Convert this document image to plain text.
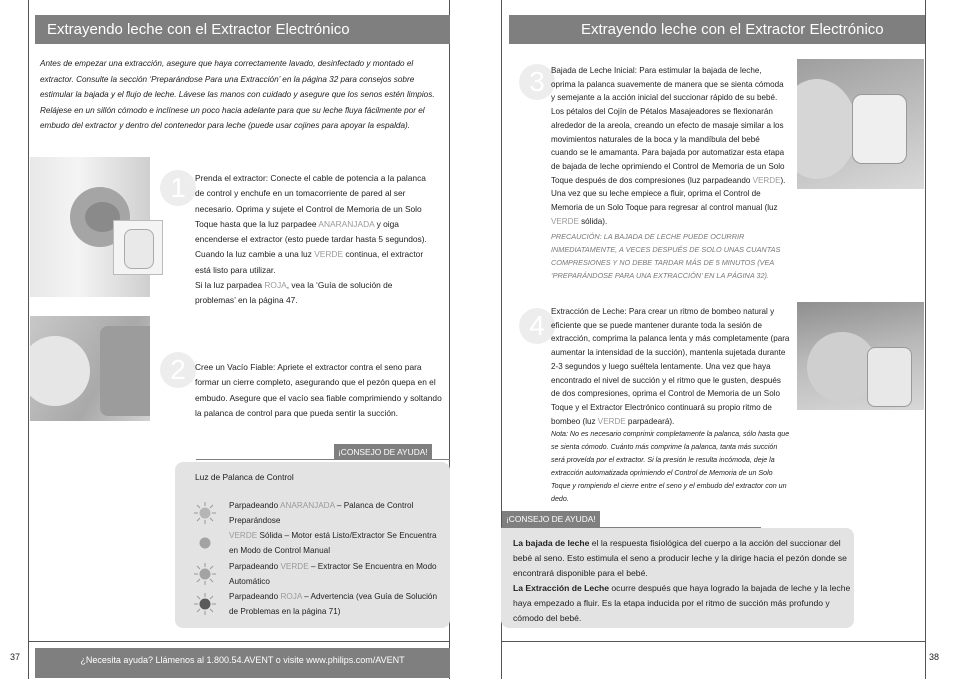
Extrayendo leche con el Extractor Electrónico

Antes de empezar una extracción, asegure que haya correctamente lavado, desinfectado y montado el extractor. Consulte la sección ‘Preparándose Para una Extracción’ en la página 32 para consejos sobre estimular la bajada y el flujo de leche. Lávese las manos con cuidado y asegure que los senos estén limpios. Relájese en un sillón cómodo e inclínese un poco hacia adelante para que su leche fluya fácilmente por el embudo del extractor y dentro del contenedor para leche (puede usar cojines para apoyar la espalda).

1	Prenda el extractor: Conecte el cable de potencia a la palanca de control y enchufe en un tomacorriente de pared al ser necesario. Oprima y sujete el Control de Memoria de un Solo Toque hasta que la luz parpadee ANARANJADA y oiga encenderse el extractor (esto puede tardar hasta 5 segundos). Cuando la luz cambie a una luz VERDE continua, el extractor está listo para utilizar.
Si la luz parpadea ROJA, vea la ‘Guía de solución de problemas’ en la página 47.
2	Cree un Vacío Fiable: Apriete el extractor contra el seno para formar un cierre completo, asegurando que el pezón quepa en el embudo. Asegure que el vacío sea fiable comprimiendo y soltando la palanca de control para que pueda sentir la succión.

¡CONSEJO DE AYUDA!
Luz de Palanca de Control
Parpadeando ANARANJADA – Palanca de Control Preparándose
VERDE Sólida – Motor está Listo/Extractor Se Encuentra en Modo de Control Manual
Parpadeando VERDE – Extractor Se Encuentra en Modo Automático
Parpadeando ROJA – Advertencia (vea Guía de Solución de Problemas en la página 71)
¿Necesita ayuda? Llámenos al 1.800.54.AVENT o visite www.philips.com/AVENT
37
Extrayendo leche con el Extractor Electrónico
3 Bajada de Leche Inicial: Para estimular la bajada de leche, oprima la palanca suavemente de manera que se sienta cómoda y semejante a la acción inicial del succionar rápido de su bebé. Los pétalos del Cojín de Pétalos Masajeadores se flexionarán alrededor de la areola, creando un efecto de masaje similar a los movimientos naturales de la boca y la mandíbula del bebé cuando se le amamanta. Para bajada por automatizar esta etapa de bajada de leche oprimiendo el Control de Memoria de un Solo Toque después de dos compresiones (luz parpadeando VERDE). Una vez que su leche empiece a fluir, oprima el Control de Memoria de un Solo Toque para regresar al control manual (luz VERDE sólida).

PRECAUCIÓN: LA BAJADA DE LECHE PUEDE OCURRIR INMEDIATAMENTE, A VECES DESPUÉS DE SOLO UNAS CUANTAS COMPRESIONES Y NO DEBE TARDAR MÁS DE 5 MINUTOS (VEA ‘PREPARÁNDOSE PARA UNA EXTRACCIÓN’ EN LA PÁGINA 32).

4 Extracción de Leche: Para crear un ritmo de bombeo natural y eficiente que se puede mantener durante toda la sesión de extracción, comprima la palanca lenta y más completamente (para aumentar la intensidad de la succión), mantenla sujetada durante 2-3 segundos y luego suéltela lentamente. Una vez que haya encontrado el nivel de succión y el ritmo que le gusten, después de dos compresiones, oprima el Control de Memoria de un Solo Toque y el Extractor Electrónico continuará su propio ritmo de bombeo (luz VERDE parpadeará).

Nota: No es necesario comprimir completamente la palanca, sólo hasta que se sienta cómodo. Cuánto más comprime la palanca, tanta más succión será proveída por el extractor. Si la presión le resulta incómoda, deje la extracción automatizada oprimiendo el Control de Memoria de un Solo Toque y rompiendo el cierre entre el seno y el embudo del extractor con un dedo.

¡CONSEJO DE AYUDA!
La bajada de leche el la respuesta fisiológica del cuerpo a la acción del succionar del bebé al seno. Esto estimula el seno a producir leche y la dirige hacia el pezón donde se encontrará disponible para el bebé.
La Extracción de Leche ocurre después que haya logrado la bajada de leche y la leche haya empezado a fluir. Es la etapa inducida por el ritmo de succión más profundo y cómodo del bebé.
38
